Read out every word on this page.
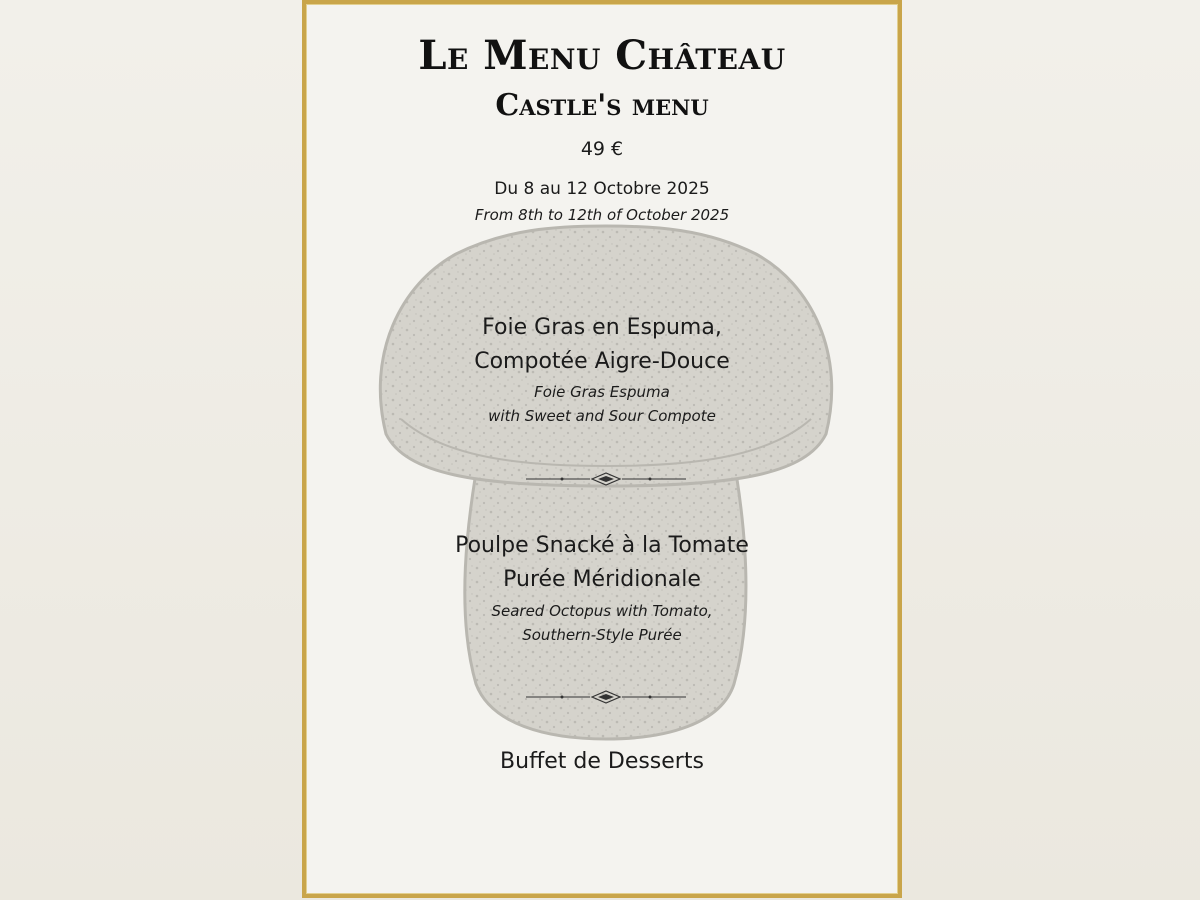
Le Menu Château
Castle's menu
49 €
Du 8 au 12 Octobre 2025
From 8th to 12th of October 2025
Foie Gras en Espuma,
Compotée Aigre-Douce
Foie Gras Espuma
with Sweet and Sour Compote
Poulpe Snacké à la Tomate
Purée Méridionale
Seared Octopus with Tomato,
Southern-Style Purée
Buffet de Desserts
